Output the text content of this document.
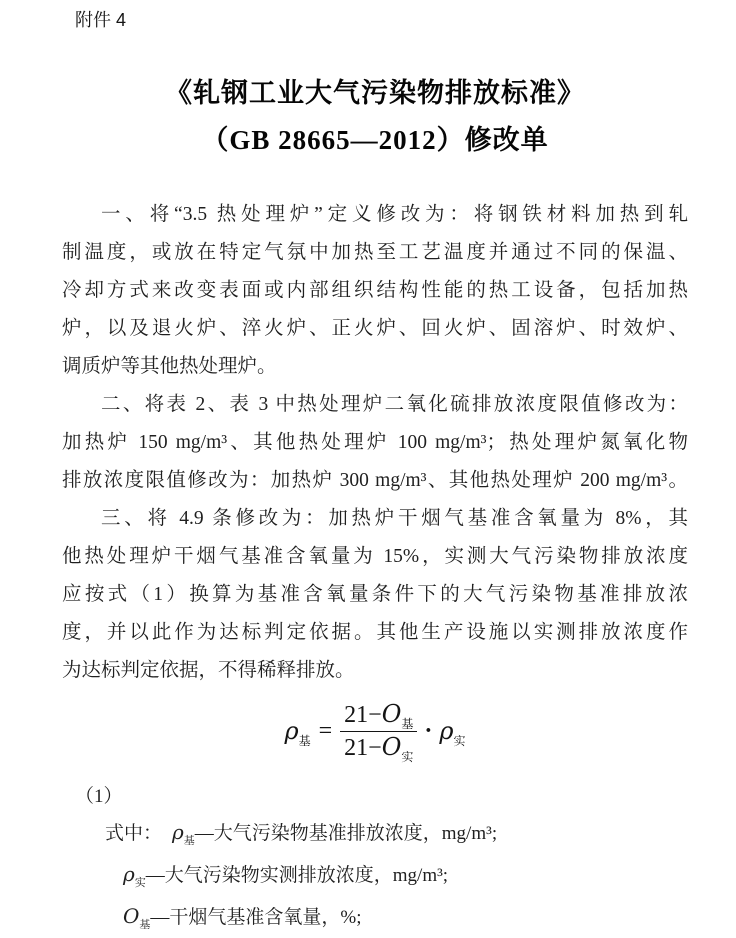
附件 4
《轧钢工业大气污染物排放标准》
（GB 28665—2012）修改单
一、将“3.5 热处理炉”定义修改为：将钢铁材料加热到轧
制温度，或放在特定气氛中加热至工艺温度并通过不同的保温、
冷却方式来改变表面或内部组织结构性能的热工设备，包括加热
炉，以及退火炉、淬火炉、正火炉、回火炉、固溶炉、时效炉、
调质炉等其他热处理炉。
二、将表 2、表 3 中热处理炉二氧化硫排放浓度限值修改为：
加热炉 150 mg/m³、其他热处理炉 100 mg/m³；热处理炉氮氧化物
排放浓度限值修改为：加热炉 300 mg/m³、其他热处理炉 200 mg/m³。
三、将 4.9 条修改为：加热炉干烟气基准含氧量为 8%，其
他热处理炉干烟气基准含氧量为 15%，实测大气污染物排放浓度
应按式（1）换算为基准含氧量条件下的大气污染物基准排放浓
度，并以此作为达标判定依据。其他生产设施以实测排放浓度作
为达标判定依据，不得稀释排放。
$\rho_基 = \frac{21-O_基}{21-O_实} \cdot \rho_实$
（1）
式中： $\rho_基—$大气污染物基准排放浓度，mg/m³;
$\rho_实—$大气污染物实测排放浓度，mg/m³;
$O_基—$干烟气基准含氧量，%;
